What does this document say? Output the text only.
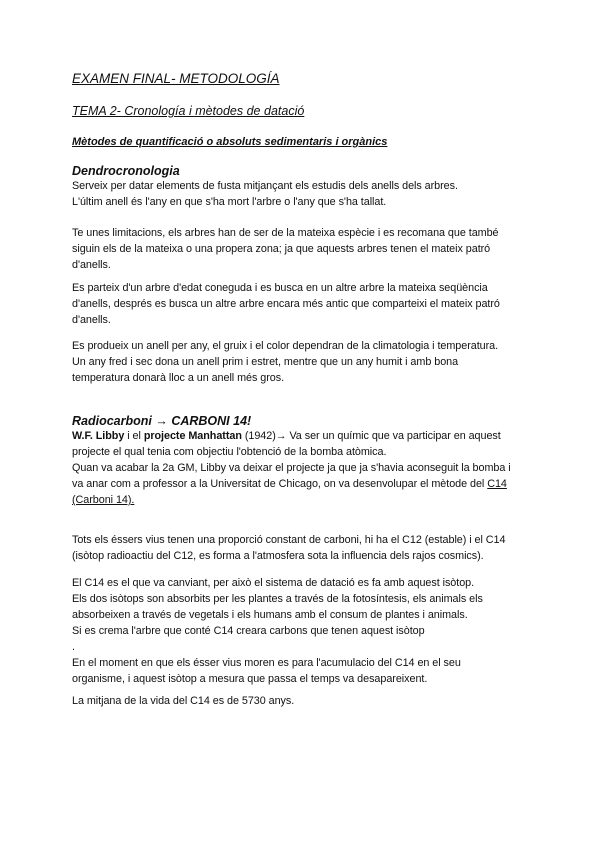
EXAMEN FINAL- METODOLOGÍA
TEMA 2- Cronología i mètodes de datació
Mètodes de quantificació o absoluts sedimentaris i orgànics
Dendrocronologia
Serveix per datar elements de fusta mitjançant els estudis dels anells dels arbres.
L'últim anell és l'any en que s'ha mort l'arbre o l'any que s'ha tallat.
Te unes limitacions, els arbres han de ser de la mateixa espècie i es recomana que també
siguin els de la mateixa o una propera zona; ja que aquests arbres tenen el mateix patró
d'anells.
Es parteix d'un arbre d'edat coneguda i es busca en un altre arbre la mateixa seqüència
d'anells, després es busca un altre arbre encara més antic que comparteixi el mateix patró
d'anells.
Es produeix un anell per any, el gruix i el color dependran de la climatologia i temperatura.
Un any fred i sec dona un anell prim i estret, mentre que un any humit i amb bona
temperatura donarà lloc a un anell més gros.
Radiocarboni → CARBONI 14!
W.F. Libby i el projecte Manhattan (1942)→ Va ser un químic que va participar en aquest
projecte el qual tenia com objectiu l'obtenció de la bomba atòmica.
Quan va acabar la 2a GM, Libby va deixar el projecte ja que ja s'havia aconseguit la bomba i
va anar com a professor a la Universitat de Chicago, on va desenvolupar el mètode del C14
(Carboni 14).
Tots els éssers vius tenen una proporció constant de carboni, hi ha el C12 (estable) i el C14
(isòtop radioactiu del C12, es forma a l'atmosfera sota la influencia dels rajos cosmics).
El C14 es el que va canviant, per això el sistema de datació es fa amb aquest isòtop.
Els dos isòtops son absorbits per les plantes a través de la fotosíntesis, els animals els
absorbeixen a través de vegetals i els humans amb el consum de plantes i animals.
Si es crema l'arbre que conté C14 creara carbons que tenen aquest isòtop
.
En el moment en que els ésser vius moren es para l'acumulacio del C14 en el seu
organisme, i aquest isòtop a mesura que passa el temps va desapareixent.
La mitjana de la vida del C14 es de 5730 anys.
